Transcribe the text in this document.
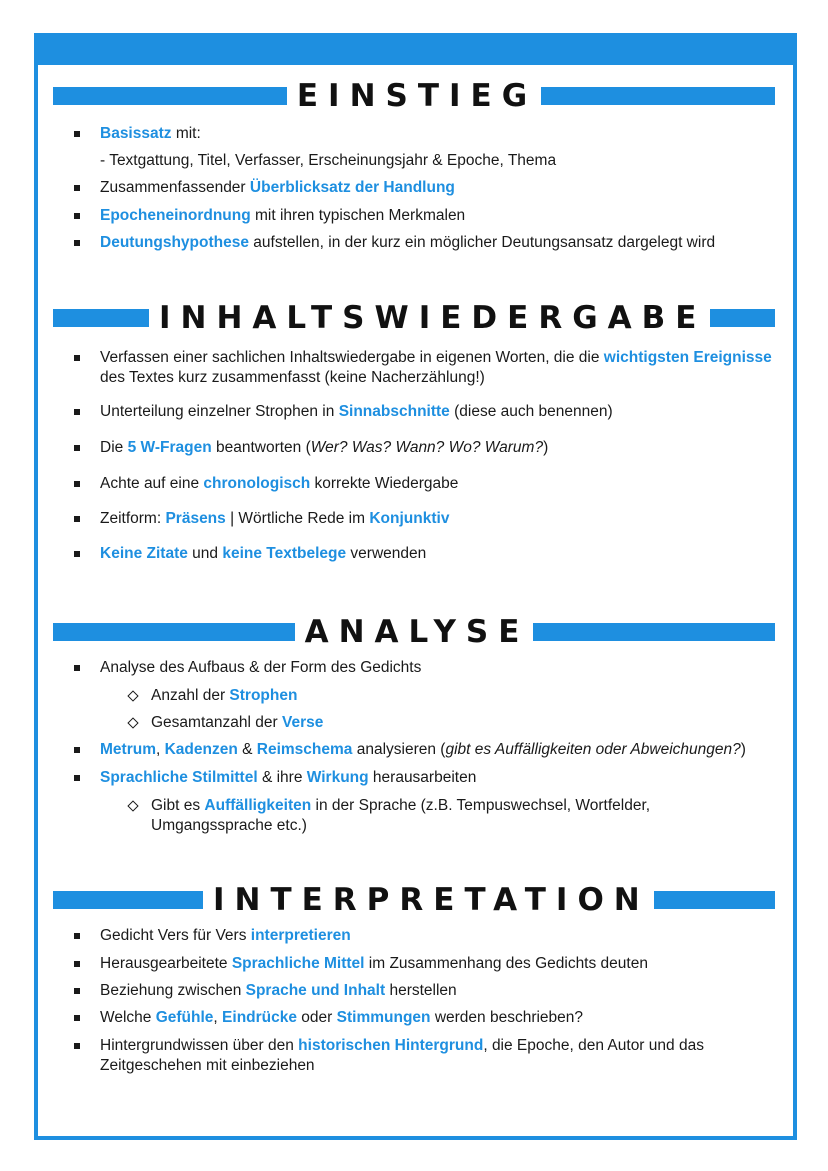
EINSTIEG
Basissatz mit:
- Textgattung, Titel, Verfasser, Erscheinungsjahr & Epoche, Thema
Zusammenfassender Überblicksatz der Handlung
Epocheneinordnung mit ihren typischen Merkmalen
Deutungshypothese aufstellen, in der kurz ein möglicher Deutungsansatz dargelegt wird
INHALTSWIEDERGABE
Verfassen einer sachlichen Inhaltswiedergabe in eigenen Worten, die die wichtigsten Ereignisse des Textes kurz zusammenfasst (keine Nacherzählung!)
Unterteilung einzelner Strophen in Sinnabschnitte (diese auch benennen)
Die 5 W-Fragen beantworten (Wer? Was? Wann? Wo? Warum?)
Achte auf eine chronologisch korrekte Wiedergabe
Zeitform: Präsens | Wörtliche Rede im Konjunktiv
Keine Zitate und keine Textbelege verwenden
ANALYSE
Analyse des Aufbaus & der Form des Gedichts
Anzahl der Strophen
Gesamtanzahl der Verse
Metrum, Kadenzen & Reimschema analysieren (gibt es Auffälligkeiten oder Abweichungen?)
Sprachliche Stilmittel & ihre Wirkung herausarbeiten
Gibt es Auffälligkeiten in der Sprache (z.B. Tempuswechsel, Wortfelder, Umgangssprache etc.)
INTERPRETATION
Gedicht Vers für Vers interpretieren
Herausgearbeitete Sprachliche Mittel im Zusammenhang des Gedichts deuten
Beziehung zwischen Sprache und Inhalt herstellen
Welche Gefühle, Eindrücke oder Stimmungen werden beschrieben?
Hintergrundwissen über den historischen Hintergrund, die Epoche, den Autor und das Zeitgeschehen mit einbeziehen
